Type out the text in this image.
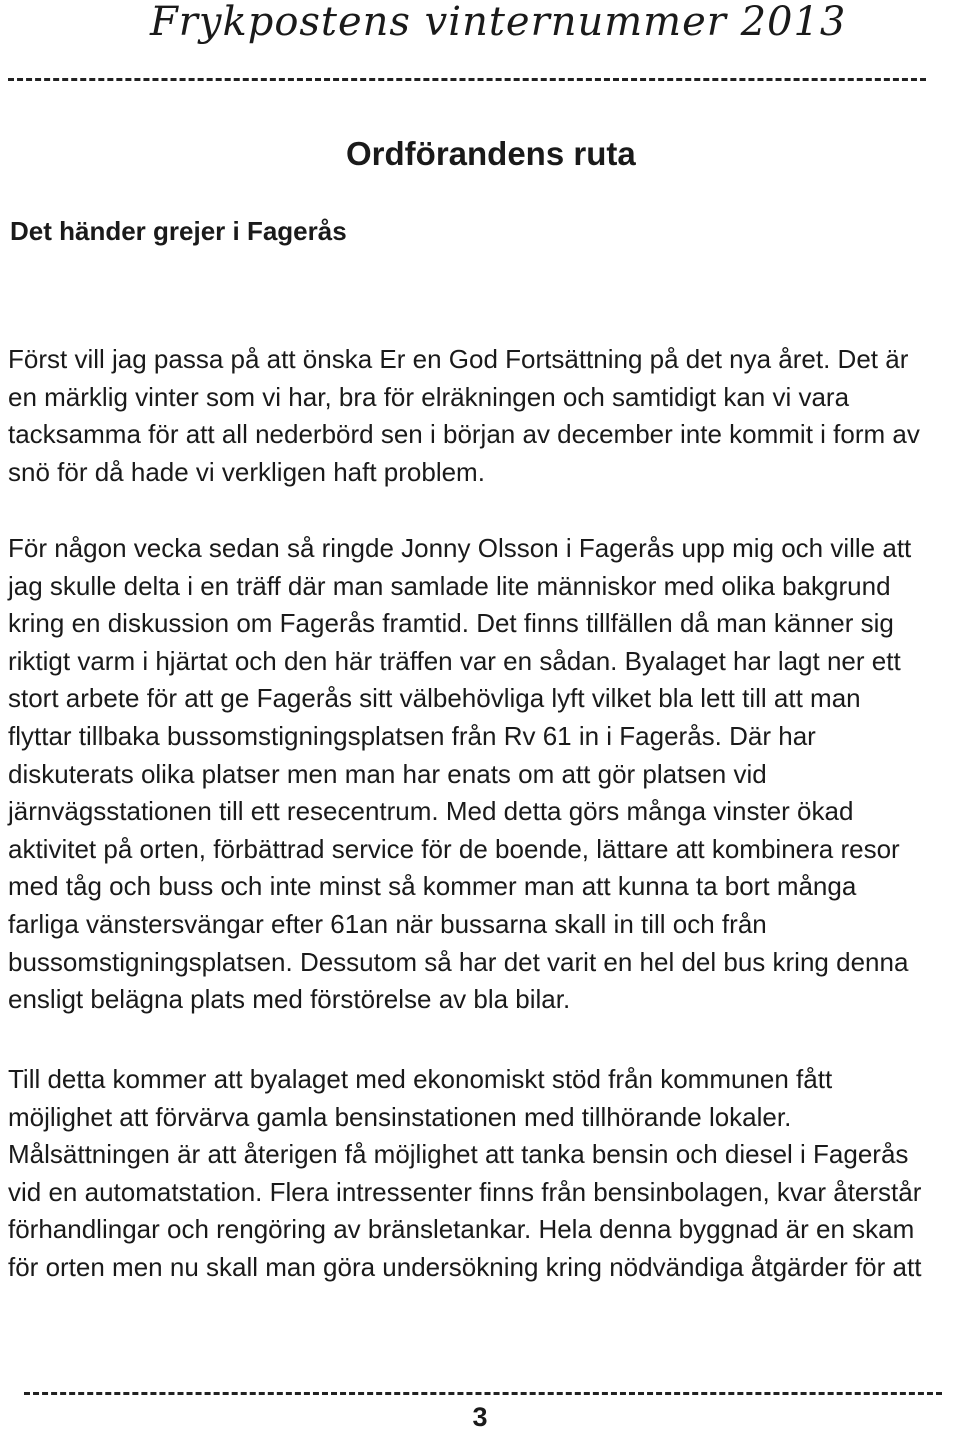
Frykpostens vinternummer 2013
Ordförandens ruta
Det händer grejer i Fagerås
Först vill jag passa på att önska Er en God Fortsättning på det nya året. Det är
en märklig vinter som vi har, bra för elräkningen och samtidigt kan vi vara
tacksamma för att all nederbörd sen i början av december inte kommit i form av
snö för då hade vi verkligen haft problem.
För någon vecka sedan så ringde Jonny Olsson i Fagerås upp mig och ville att
jag skulle delta i en träff där man samlade lite människor med olika bakgrund
kring en diskussion om Fagerås framtid. Det finns tillfällen då man känner sig
riktigt varm i hjärtat och den här träffen var en sådan. Byalaget har lagt ner ett
stort arbete för att ge Fagerås sitt välbehövliga lyft vilket bla lett till att man
flyttar tillbaka bussomstigningsplatsen från Rv 61 in i Fagerås. Där har
diskuterats olika platser men man har enats om att gör platsen vid
järnvägsstationen till ett resecentrum. Med detta görs många vinster ökad
aktivitet på orten, förbättrad service för de boende, lättare att kombinera resor
med tåg och buss och inte minst så kommer man att kunna ta bort många
farliga vänstersvängar efter 61an när bussarna skall in till och från
bussomstigningsplatsen. Dessutom så har det varit en hel del bus kring denna
ensligt belägna plats med förstörelse av bla bilar.
Till detta kommer att byalaget med ekonomiskt stöd från kommunen fått
möjlighet att förvärva gamla bensinstationen med tillhörande lokaler.
Målsättningen är att återigen få möjlighet att tanka bensin och diesel i Fagerås
vid en automatstation. Flera intressenter finns från bensinbolagen, kvar återstår
förhandlingar och rengöring av bränsletankar. Hela denna byggnad är en skam
för orten men nu skall man göra undersökning kring nödvändiga åtgärder för att
3
